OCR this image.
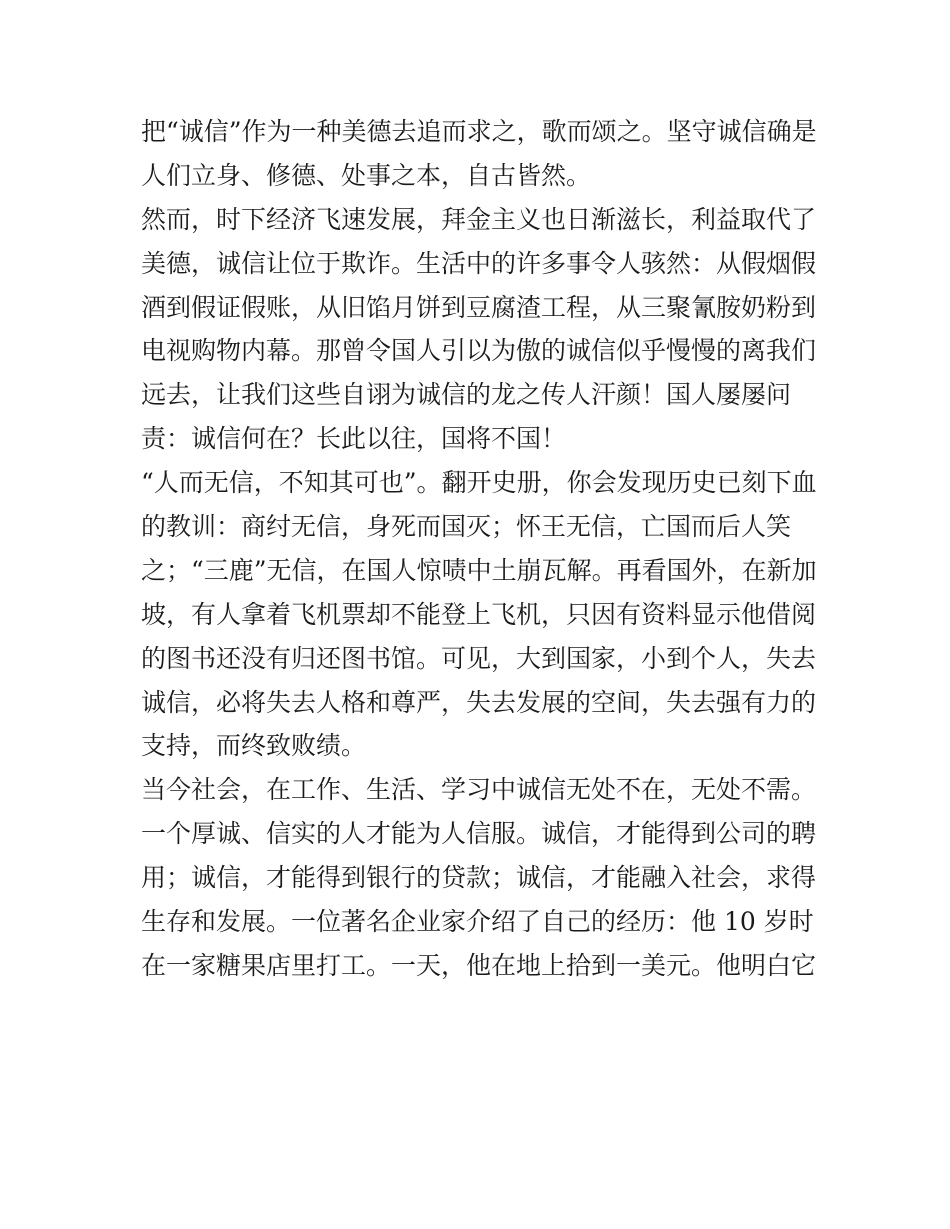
把“诚信”作为一种美德去追而求之，歌而颂之。坚守诚信确是
人们立身、修德、处事之本，自古皆然。
然而，时下经济飞速发展，拜金主义也日渐滋长，利益取代了
美德，诚信让位于欺诈。生活中的许多事令人骇然：从假烟假
酒到假证假账，从旧馅月饼到豆腐渣工程，从三聚氰胺奶粉到
电视购物内幕。那曾令国人引以为傲的诚信似乎慢慢的离我们
远去，让我们这些自诩为诚信的龙之传人汗颜！国人屡屡问
责：诚信何在？长此以往，国将不国！
“人而无信，不知其可也”。翻开史册，你会发现历史已刻下血
的教训：商纣无信，身死而国灭；怀王无信，亡国而后人笑
之；“三鹿”无信，在国人惊啧中土崩瓦解。再看国外，在新加
坡，有人拿着飞机票却不能登上飞机，只因有资料显示他借阅
的图书还没有归还图书馆。可见，大到国家，小到个人，失去
诚信，必将失去人格和尊严，失去发展的空间，失去强有力的
支持，而终致败绩。
当今社会，在工作、生活、学习中诚信无处不在，无处不需。
一个厚诚、信实的人才能为人信服。诚信，才能得到公司的聘
用；诚信，才能得到银行的贷款；诚信，才能融入社会，求得
生存和发展。一位著名企业家介绍了自己的经历：他 10 岁时
在一家糖果店里打工。一天，他在地上拾到一美元。他明白它
